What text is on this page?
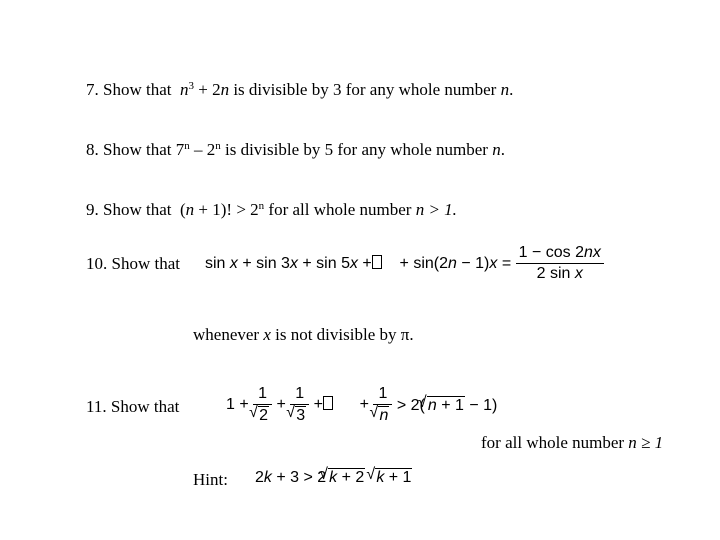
7. Show that $n^3 + 2n$ is divisible by 3 for any whole number n.
8. Show that 7$^n$ – 2$^n$ is divisible by 5 for any whole number n.
9. Show that  (n + 1)! > $2^n$ for all whole number n > 1.
10. Show that sin x + sin 3x + sin 5x +    + $\sin(2n - 1)x = \frac{1 - \cos 2nx}{\text{2 sin x}}$
whenever x is not divisible by π.
11. Show that	1 + 1
√ 2 + 1
√ 3 +      + 1
√ n > 2( √ n + 1 − 1)
for all whole number n ≥ 1
Hint: 2k + 3 > 2 √ k + 2 √ k + 1
